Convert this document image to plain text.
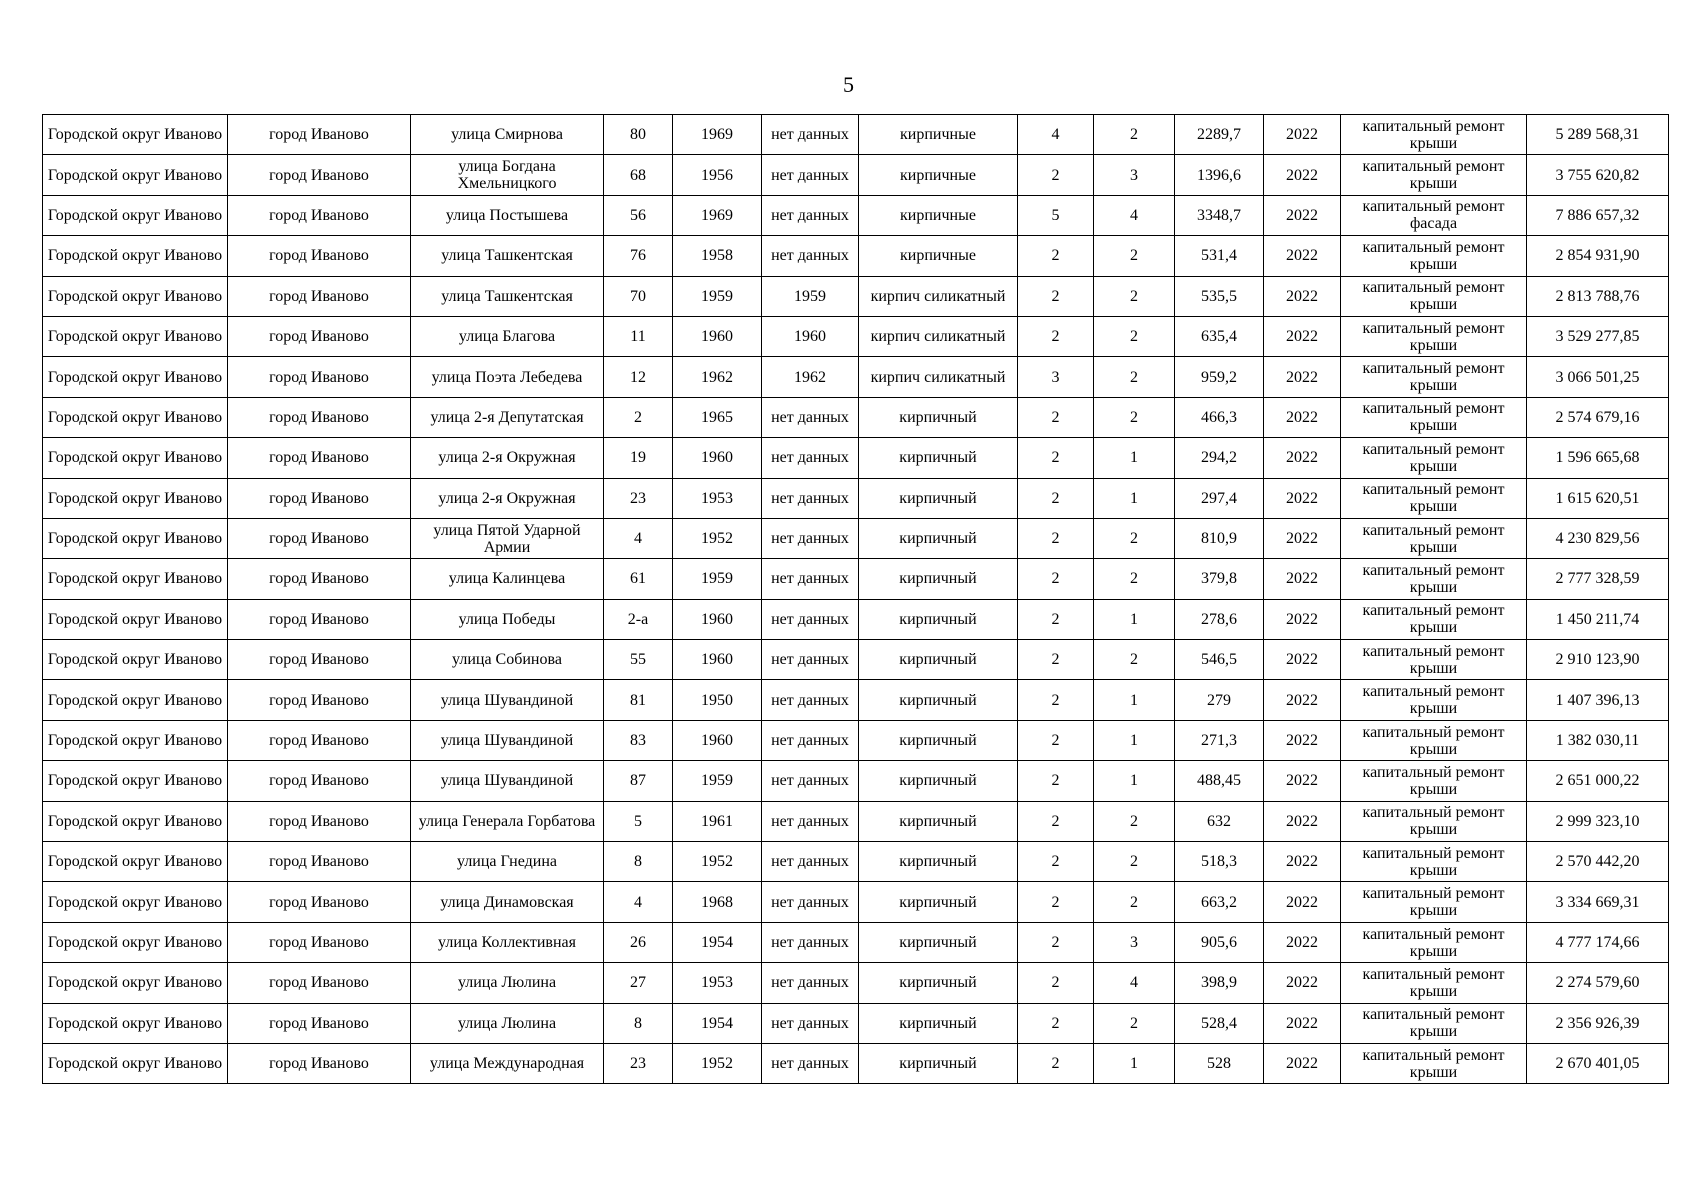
5
Городской округ Иваново	город Иваново	улица Смирнова	80	1969	нет данных	кирпичные	4	2	2289,7	2022	капитальный ремонт крыши	5 289 568,31
Городской округ Иваново	город Иваново	улица Богдана Хмельницкого	68	1956	нет данных	кирпичные	2	3	1396,6	2022	капитальный ремонт крыши	3 755 620,82
Городской округ Иваново	город Иваново	улица Постышева	56	1969	нет данных	кирпичные	5	4	3348,7	2022	капитальный ремонт фасада	7 886 657,32
Городской округ Иваново	город Иваново	улица Ташкентская	76	1958	нет данных	кирпичные	2	2	531,4	2022	капитальный ремонт крыши	2 854 931,90
Городской округ Иваново	город Иваново	улица Ташкентская	70	1959	1959	кирпич силикатный	2	2	535,5	2022	капитальный ремонт крыши	2 813 788,76
Городской округ Иваново	город Иваново	улица Благова	11	1960	1960	кирпич силикатный	2	2	635,4	2022	капитальный ремонт крыши	3 529 277,85
Городской округ Иваново	город Иваново	улица Поэта Лебедева	12	1962	1962	кирпич силикатный	3	2	959,2	2022	капитальный ремонт крыши	3 066 501,25
Городской округ Иваново	город Иваново	улица 2-я Депутатская	2	1965	нет данных	кирпичный	2	2	466,3	2022	капитальный ремонт крыши	2 574 679,16
Городской округ Иваново	город Иваново	улица 2-я Окружная	19	1960	нет данных	кирпичный	2	1	294,2	2022	капитальный ремонт крыши	1 596 665,68
Городской округ Иваново	город Иваново	улица 2-я Окружная	23	1953	нет данных	кирпичный	2	1	297,4	2022	капитальный ремонт крыши	1 615 620,51
Городской округ Иваново	город Иваново	улица Пятой Ударной Армии	4	1952	нет данных	кирпичный	2	2	810,9	2022	капитальный ремонт крыши	4 230 829,56
Городской округ Иваново	город Иваново	улица Калинцева	61	1959	нет данных	кирпичный	2	2	379,8	2022	капитальный ремонт крыши	2 777 328,59
Городской округ Иваново	город Иваново	улица Победы	2-а	1960	нет данных	кирпичный	2	1	278,6	2022	капитальный ремонт крыши	1 450 211,74
Городской округ Иваново	город Иваново	улица Собинова	55	1960	нет данных	кирпичный	2	2	546,5	2022	капитальный ремонт крыши	2 910 123,90
Городской округ Иваново	город Иваново	улица Шувандиной	81	1950	нет данных	кирпичный	2	1	279	2022	капитальный ремонт крыши	1 407 396,13
Городской округ Иваново	город Иваново	улица Шувандиной	83	1960	нет данных	кирпичный	2	1	271,3	2022	капитальный ремонт крыши	1 382 030,11
Городской округ Иваново	город Иваново	улица Шувандиной	87	1959	нет данных	кирпичный	2	1	488,45	2022	капитальный ремонт крыши	2 651 000,22
Городской округ Иваново	город Иваново	улица Генерала Горбатова	5	1961	нет данных	кирпичный	2	2	632	2022	капитальный ремонт крыши	2 999 323,10
Городской округ Иваново	город Иваново	улица Гнедина	8	1952	нет данных	кирпичный	2	2	518,3	2022	капитальный ремонт крыши	2 570 442,20
Городской округ Иваново	город Иваново	улица Динамовская	4	1968	нет данных	кирпичный	2	2	663,2	2022	капитальный ремонт крыши	3 334 669,31
Городской округ Иваново	город Иваново	улица Коллективная	26	1954	нет данных	кирпичный	2	3	905,6	2022	капитальный ремонт крыши	4 777 174,66
Городской округ Иваново	город Иваново	улица Люлина	27	1953	нет данных	кирпичный	2	4	398,9	2022	капитальный ремонт крыши	2 274 579,60
Городской округ Иваново	город Иваново	улица Люлина	8	1954	нет данных	кирпичный	2	2	528,4	2022	капитальный ремонт крыши	2 356 926,39
Городской округ Иваново	город Иваново	улица Международная	23	1952	нет данных	кирпичный	2	1	528	2022	капитальный ремонт крыши	2 670 401,05
